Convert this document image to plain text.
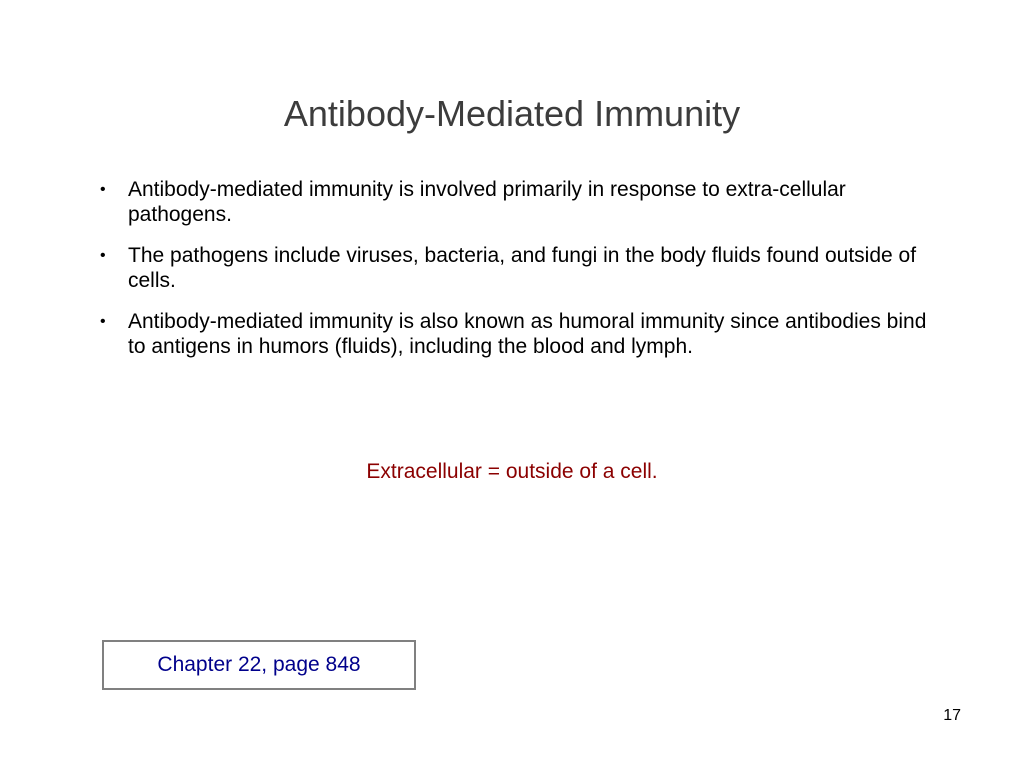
Antibody-Mediated Immunity
• Antibody-mediated immunity is involved primarily in response to extra-cellular pathogens.
• The pathogens include viruses, bacteria, and fungi in the body fluids found outside of cells.
• Antibody-mediated immunity is also known as humoral immunity since antibodies bind to antigens in humors (fluids), including the blood and lymph.
Extracellular = outside of a cell.
Chapter 22, page 848
17
